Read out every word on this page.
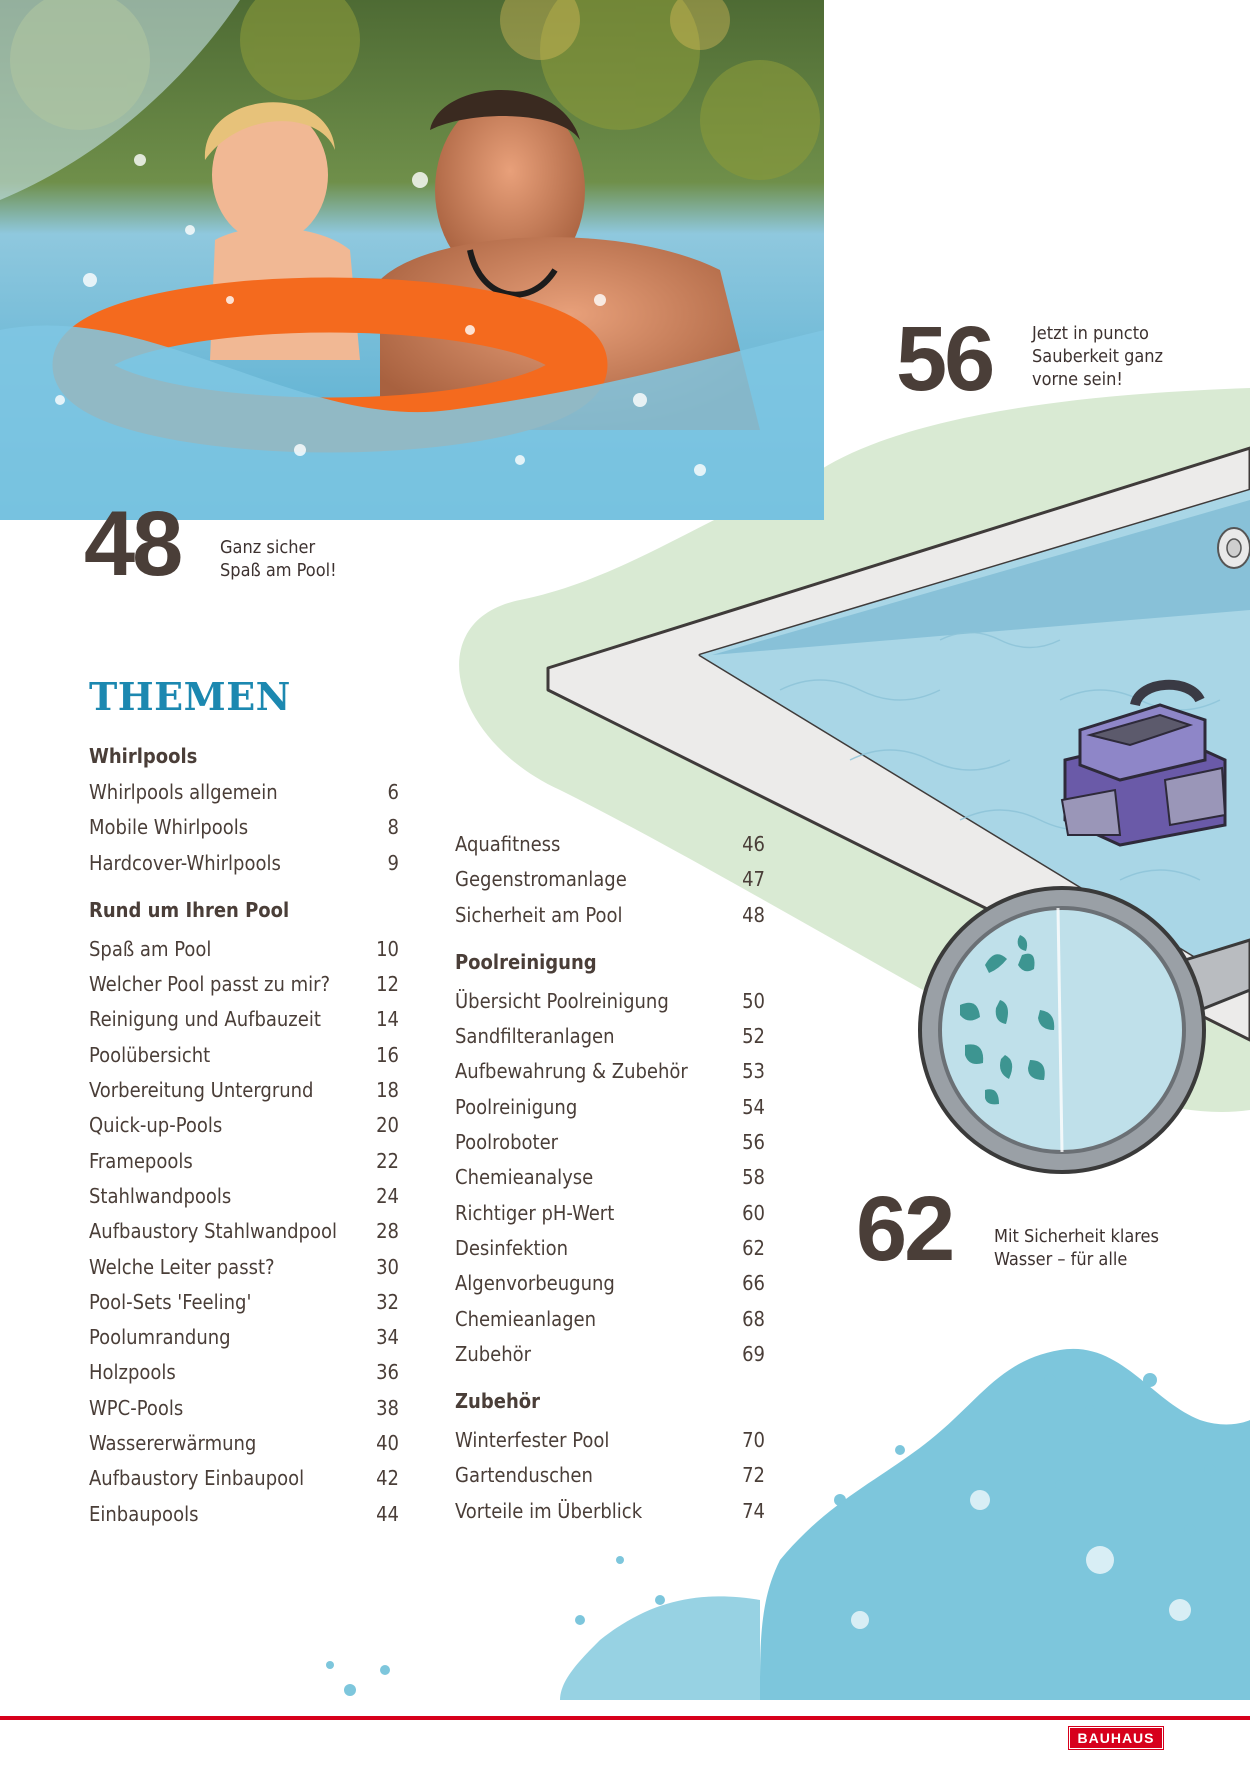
48 Ganz sicher
Spaß am Pool!
56 Jetzt in puncto
Sauberkeit ganz
vorne sein!
62 Mit Sicherheit klares
Wasser – für alle
THEMEN
Whirlpools
Whirlpools allgemein	6
Mobile Whirlpools	8
Hardcover-Whirlpools	9
Rund um Ihren Pool
Spaß am Pool	10
Welcher Pool passt zu mir? 12
Reinigung und Aufbauzeit	14
Poolübersicht	16
Vorbereitung Untergrund	18
Quick-up-Pools	20
Framepools	22
Stahlwandpools	24
Aufbaustory Stahlwandpool 28
Welche Leiter passt?	30
Pool-Sets 'Feeling'	32
Poolumrandung	34
Holzpools	36
WPC-Pools	38
Wassererwärmung	40
Aufbaustory Einbaupool	42
Einbaupools	44
Aquafitness	46
Gegenstromanlage	47
Sicherheit am Pool	48
Poolreinigung
Übersicht Poolreinigung	50
Sandfilteranlagen	52
Aufbewahrung & Zubehör	53
Poolreinigung	54
Poolroboter	56
Chemieanalyse	58
Richtiger pH-Wert	60
Desinfektion	62
Algenvorbeugung	66
Chemieanlagen	68
Zubehör	69
Zubehör
Winterfester Pool	70
Gartenduschen	72
Vorteile im Überblick	74
BAUHAUS
